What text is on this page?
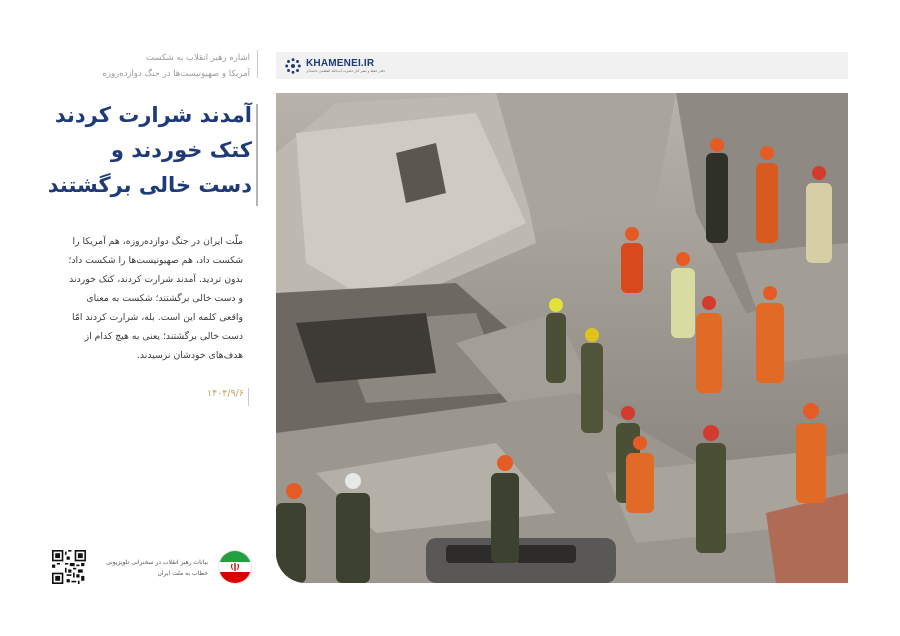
KHAMENEI.IR
دفتر حفظ و نشر آثار حضرت آیت‌الله العظمی خامنه‌ای
اشاره رهبر انقلاب به شکست
آمریکا و صهیونیست‌ها در جنگ دوازده‌روزه
آمدند شرارت کردند
کتک خوردند و
دست خالی برگشتند
ملّت ایران در جنگ دوازده‌روزه، هم آمریکا را
شکست داد، هم صهیونیست‌ها را شکست داد؛
بدون تردید. آمدند شرارت کردند، کتک خوردند
و دست خالی برگشتند؛ شکست به معنای
واقعی کلمه این است. بله، شرارت کردند امّا
دست خالی برگشتند؛ یعنی به هیچ کدام از
هدف‌های خودشان نرسیدند.
۱۴۰۴/۹/۶
بیانات رهبر انقلاب در سخنرانی تلویزیونی
خطاب به ملت ایران
